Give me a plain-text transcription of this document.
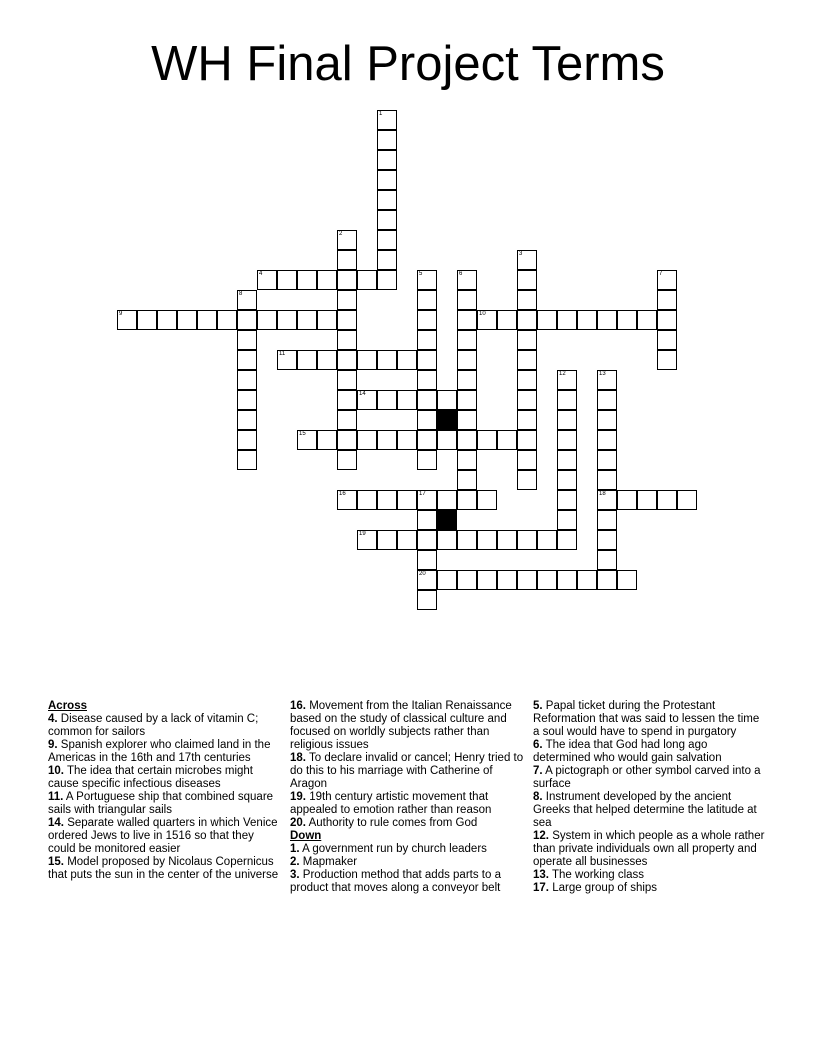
WH Final Project Terms
1
2
3
4	5	6	7
8
9	10
11
12	13
18
14
15
16	17
20
19
Across
4. Disease caused by a lack of vitamin C; common for sailors
9. Spanish explorer who claimed land in the Americas in the 16th and 17th centuries
10. The idea that certain microbes might cause specific infectious diseases
11. A Portuguese ship that combined square sails with triangular sails
14. Separate walled quarters in which Venice ordered Jews to live in 1516 so that they could be monitored easier
15. Model proposed by Nicolaus Copernicus that puts the sun in the center of the universe
16. Movement from the Italian Renaissance based on the study of classical culture and focused on worldly subjects rather than religious issues
18. To declare invalid or cancel; Henry tried to do this to his marriage with Catherine of Aragon
19. 19th century artistic movement that appealed to emotion rather than reason
20. Authority to rule comes from God
Down
1. A government run by church leaders
2. Mapmaker
3. Production method that adds parts to a product that moves along a conveyor belt
5. Papal ticket during the Protestant Reformation that was said to lessen the time a soul would have to spend in purgatory
6. The idea that God had long ago determined who would gain salvation
7. A pictograph or other symbol carved into a surface
8. Instrument developed by the ancient Greeks that helped determine the latitude at sea
12. System in which people as a whole rather than private individuals own all property and operate all businesses
13. The working class
17. Large group of ships
